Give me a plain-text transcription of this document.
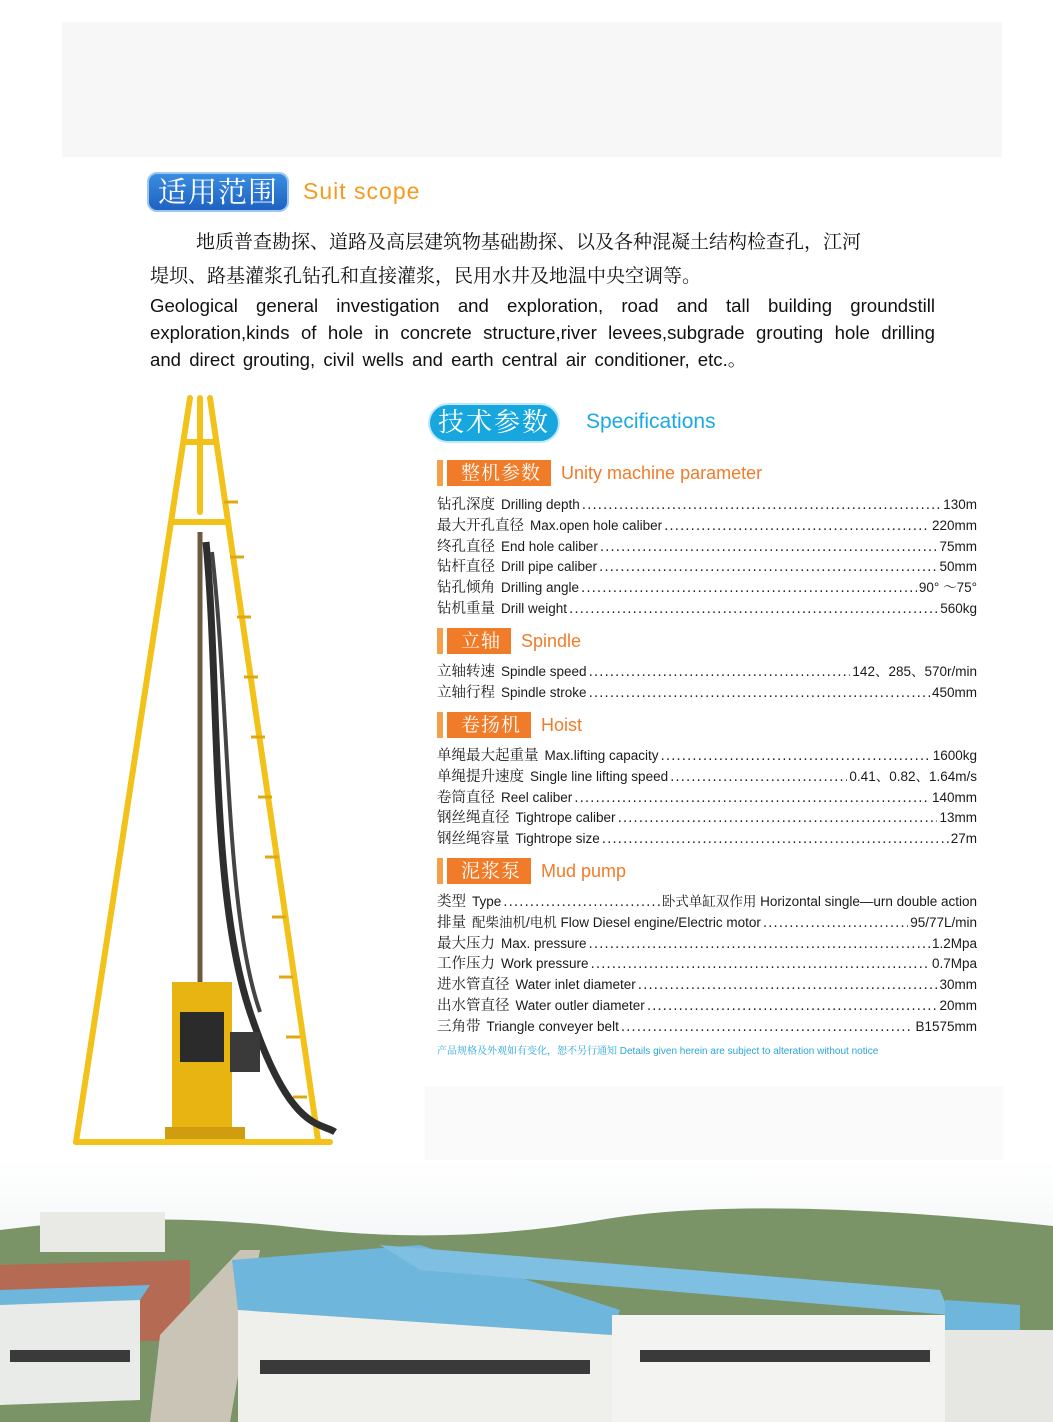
适用范围	Suit scope
地质普查勘探、道路及高层建筑物基础勘探、以及各种混凝土结构检查孔，江河
堤坝、路基灌浆孔钻孔和直接灌浆，民用水井及地温中央空调等。
Geological general investigation and exploration, road and tall building groundstill exploration,kinds of hole in concrete structure,river levees,subgrade grouting hole drilling and direct grouting, civil wells and earth central air conditioner, etc.。
技术参数	Specifications
整机参数	Unity machine parameter
钻孔深度 Drilling depth .....	130m
最大开孔直径 Max.open hole caliber .....	220mm
终孔直径 End hole caliber .....	75mm
钻杆直径 Drill pipe caliber .....	50mm
钻孔倾角 Drilling angle .....	90° ～75°
钻机重量 Drill weight .....	560kg
立轴	Spindle
立轴转速 Spindle speed .....	142、285、570r/min
立轴行程 Spindle stroke .....	450mm
卷扬机	Hoist
单绳最大起重量 Max.lifting capacity .....	1600kg
单绳提升速度 Single line lifting speed .....	0.41、0.82、1.64m/s
卷筒直径 Reel caliber .....	140mm
钢丝绳直径 Tightrope caliber .....	13mm
钢丝绳容量 Tightrope size .....	27m
泥浆泵	Mud pump
类型 Type .....	卧式单缸双作用 Horizontal single—urn double action
排量 配柴油机/电机 Flow Diesel engine/Electric motor .....	95/77L/min
最大压力 Max. pressure .....	1.2Mpa
工作压力 Work pressure .....	0.7Mpa
进水管直径 Water inlet diameter .....	30mm
出水管直径 Water outler diameter .....	20mm
三角带 Triangle conveyer belt .....	B1575mm
产品规格及外观如有变化，恕不另行通知 Details given herein are subject to alteration without notice
